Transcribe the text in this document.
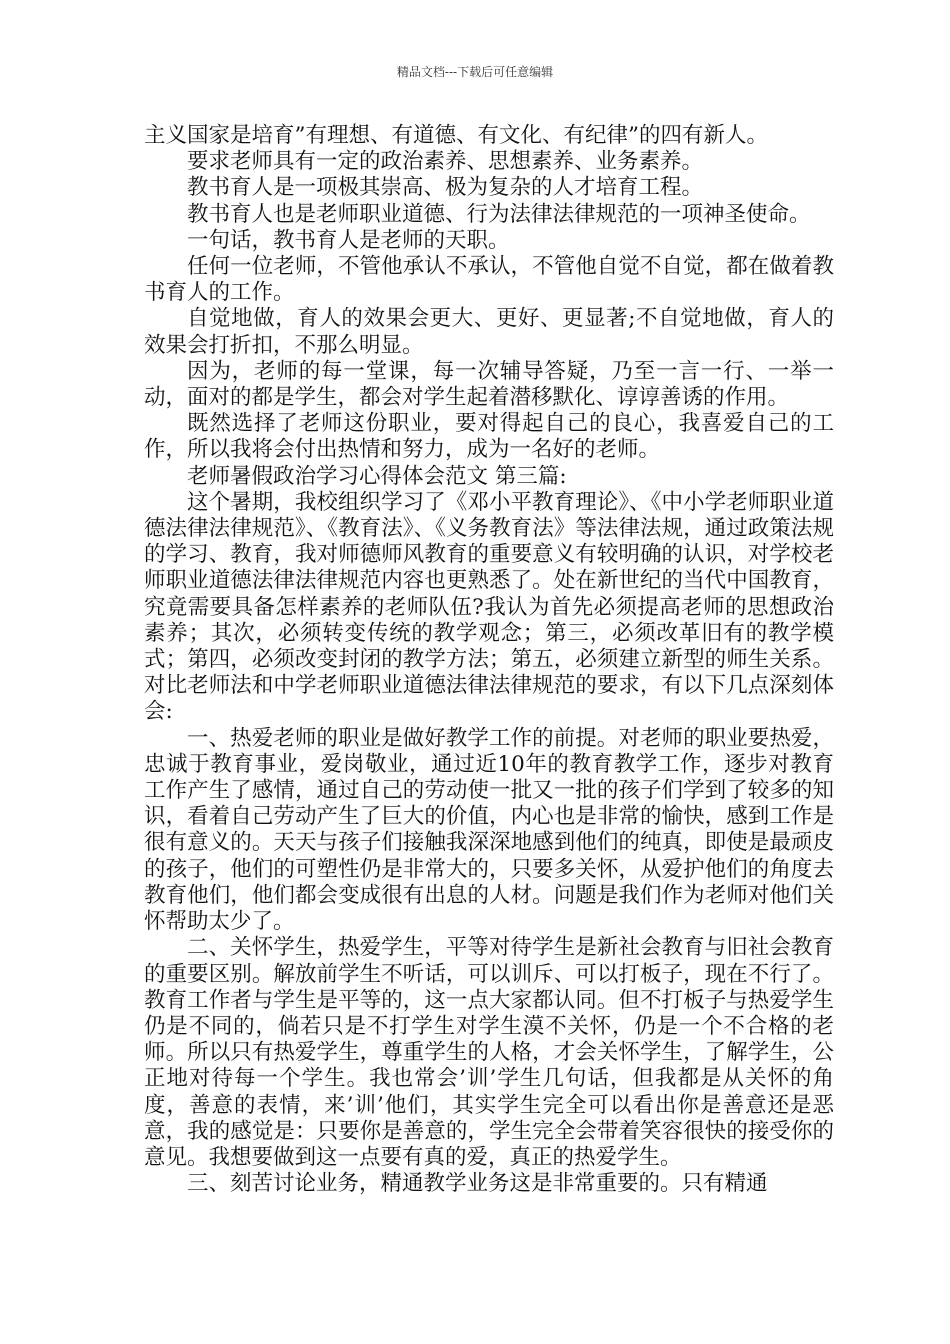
精品文档---下载后可任意编辑

主义国家是培育”有理想、有道德、有文化、有纪律”的四有新人。

要求老师具有一定的政治素养、思想素养、业务素养。

教书育人是一项极其崇高、极为复杂的人才培育工程。

教书育人也是老师职业道德、行为法律法律规范的一项神圣使命。

一句话，教书育人是老师的天职。

任何一位老师，不管他承认不承认，不管他自觉不自觉，都在做着教书育人的工作。

自觉地做，育人的效果会更大、更好、更显著;不自觉地做，育人的效果会打折扣，不那么明显。

因为，老师的每一堂课，每一次辅导答疑，乃至一言一行、一举一动，面对的都是学生，都会对学生起着潜移默化、谆谆善诱的作用。

既然选择了老师这份职业，要对得起自己的良心，我喜爱自己的工作，所以我将会付出热情和努力，成为一名好的老师。

老师暑假政治学习心得体会范文 第三篇:

这个暑期，我校组织学习了《邓小平教育理论》、《中小学老师职业道德法律法律规范》、《教育法》、《义务教育法》等法律法规，通过政策法规的学习、教育，我对师德师风教育的重要意义有较明确的认识，对学校老师职业道德法律法律规范内容也更熟悉了。处在新世纪的当代中国教育，究竟需要具备怎样素养的老师队伍?我认为首先必须提高老师的思想政治素养；其次，必须转变传统的教学观念；第三，必须改革旧有的教学模式；第四，必须改变封闭的教学方法；第五，必须建立新型的师生关系。对比老师法和中学老师职业道德法律法律规范的要求，有以下几点深刻体会:

一、热爱老师的职业是做好教学工作的前提。对老师的职业要热爱，忠诚于教育事业，爱岗敬业，通过近10年的教育教学工作，逐步对教育工作产生了感情，通过自己的劳动使一批又一批的孩子们学到了较多的知识，看着自己劳动产生了巨大的价值，内心也是非常的愉快，感到工作是很有意义的。天天与孩子们接触我深深地感到他们的纯真，即使是最顽皮的孩子，他们的可塑性仍是非常大的，只要多关怀，从爱护他们的角度去教育他们，他们都会变成很有出息的人材。问题是我们作为老师对他们关怀帮助太少了。

二、关怀学生，热爱学生，平等对待学生是新社会教育与旧社会教育的重要区别。解放前学生不听话，可以训斥、可以打板子，现在不行了。教育工作者与学生是平等的，这一点大家都认同。但不打板子与热爱学生仍是不同的，倘若只是不打学生对学生漠不关怀，仍是一个不合格的老师。所以只有热爱学生，尊重学生的人格，才会关怀学生，了解学生，公正地对待每一个学生。我也常会’训’学生几句话，但我都是从关怀的角度，善意的表情，来’训’他们，其实学生完全可以看出你是善意还是恶意，我的感觉是：只要你是善意的，学生完全会带着笑容很快的接受你的意见。我想要做到这一点要有真的爱，真正的热爱学生。

三、刻苦讨论业务，精通教学业务这是非常重要的。只有精通
